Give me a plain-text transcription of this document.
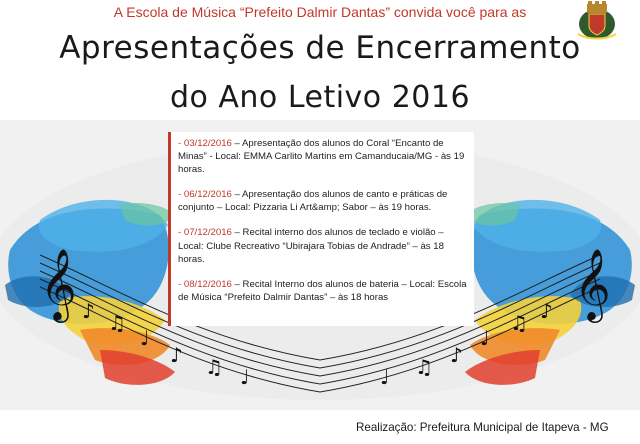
𝄞	𝄞
♪ ♫
♩
♪ ♫ ♩
♪
♫
♩
♪
♫
♩
A Escola de Música “Prefeito Dalmir Dantas” convida você para as
Apresentações de Encerramento
do Ano Letivo 2016
- 03/12/2016 – Apresentação dos alunos do Coral “Encanto de Minas” - Local: EMMA Carlito Martins em Camanducaia/MG - às 19 horas.
- 06/12/2016 – Apresentação dos alunos de canto e práticas de conjunto – Local: Pizzaria Li Art&amp; Sabor – às 19 horas.
- 07/12/2016 – Recital interno dos alunos de teclado e violão – Local: Clube Recreativo “Ubirajara Tobias de Andrade” – às 18 horas.
- 08/12/2016 – Recital Interno dos alunos de bateria – Local: Escola de Música “Prefeito Dalmir Dantas” – às 18 horas
Realização: Prefeitura Municipal de Itapeva - MG
